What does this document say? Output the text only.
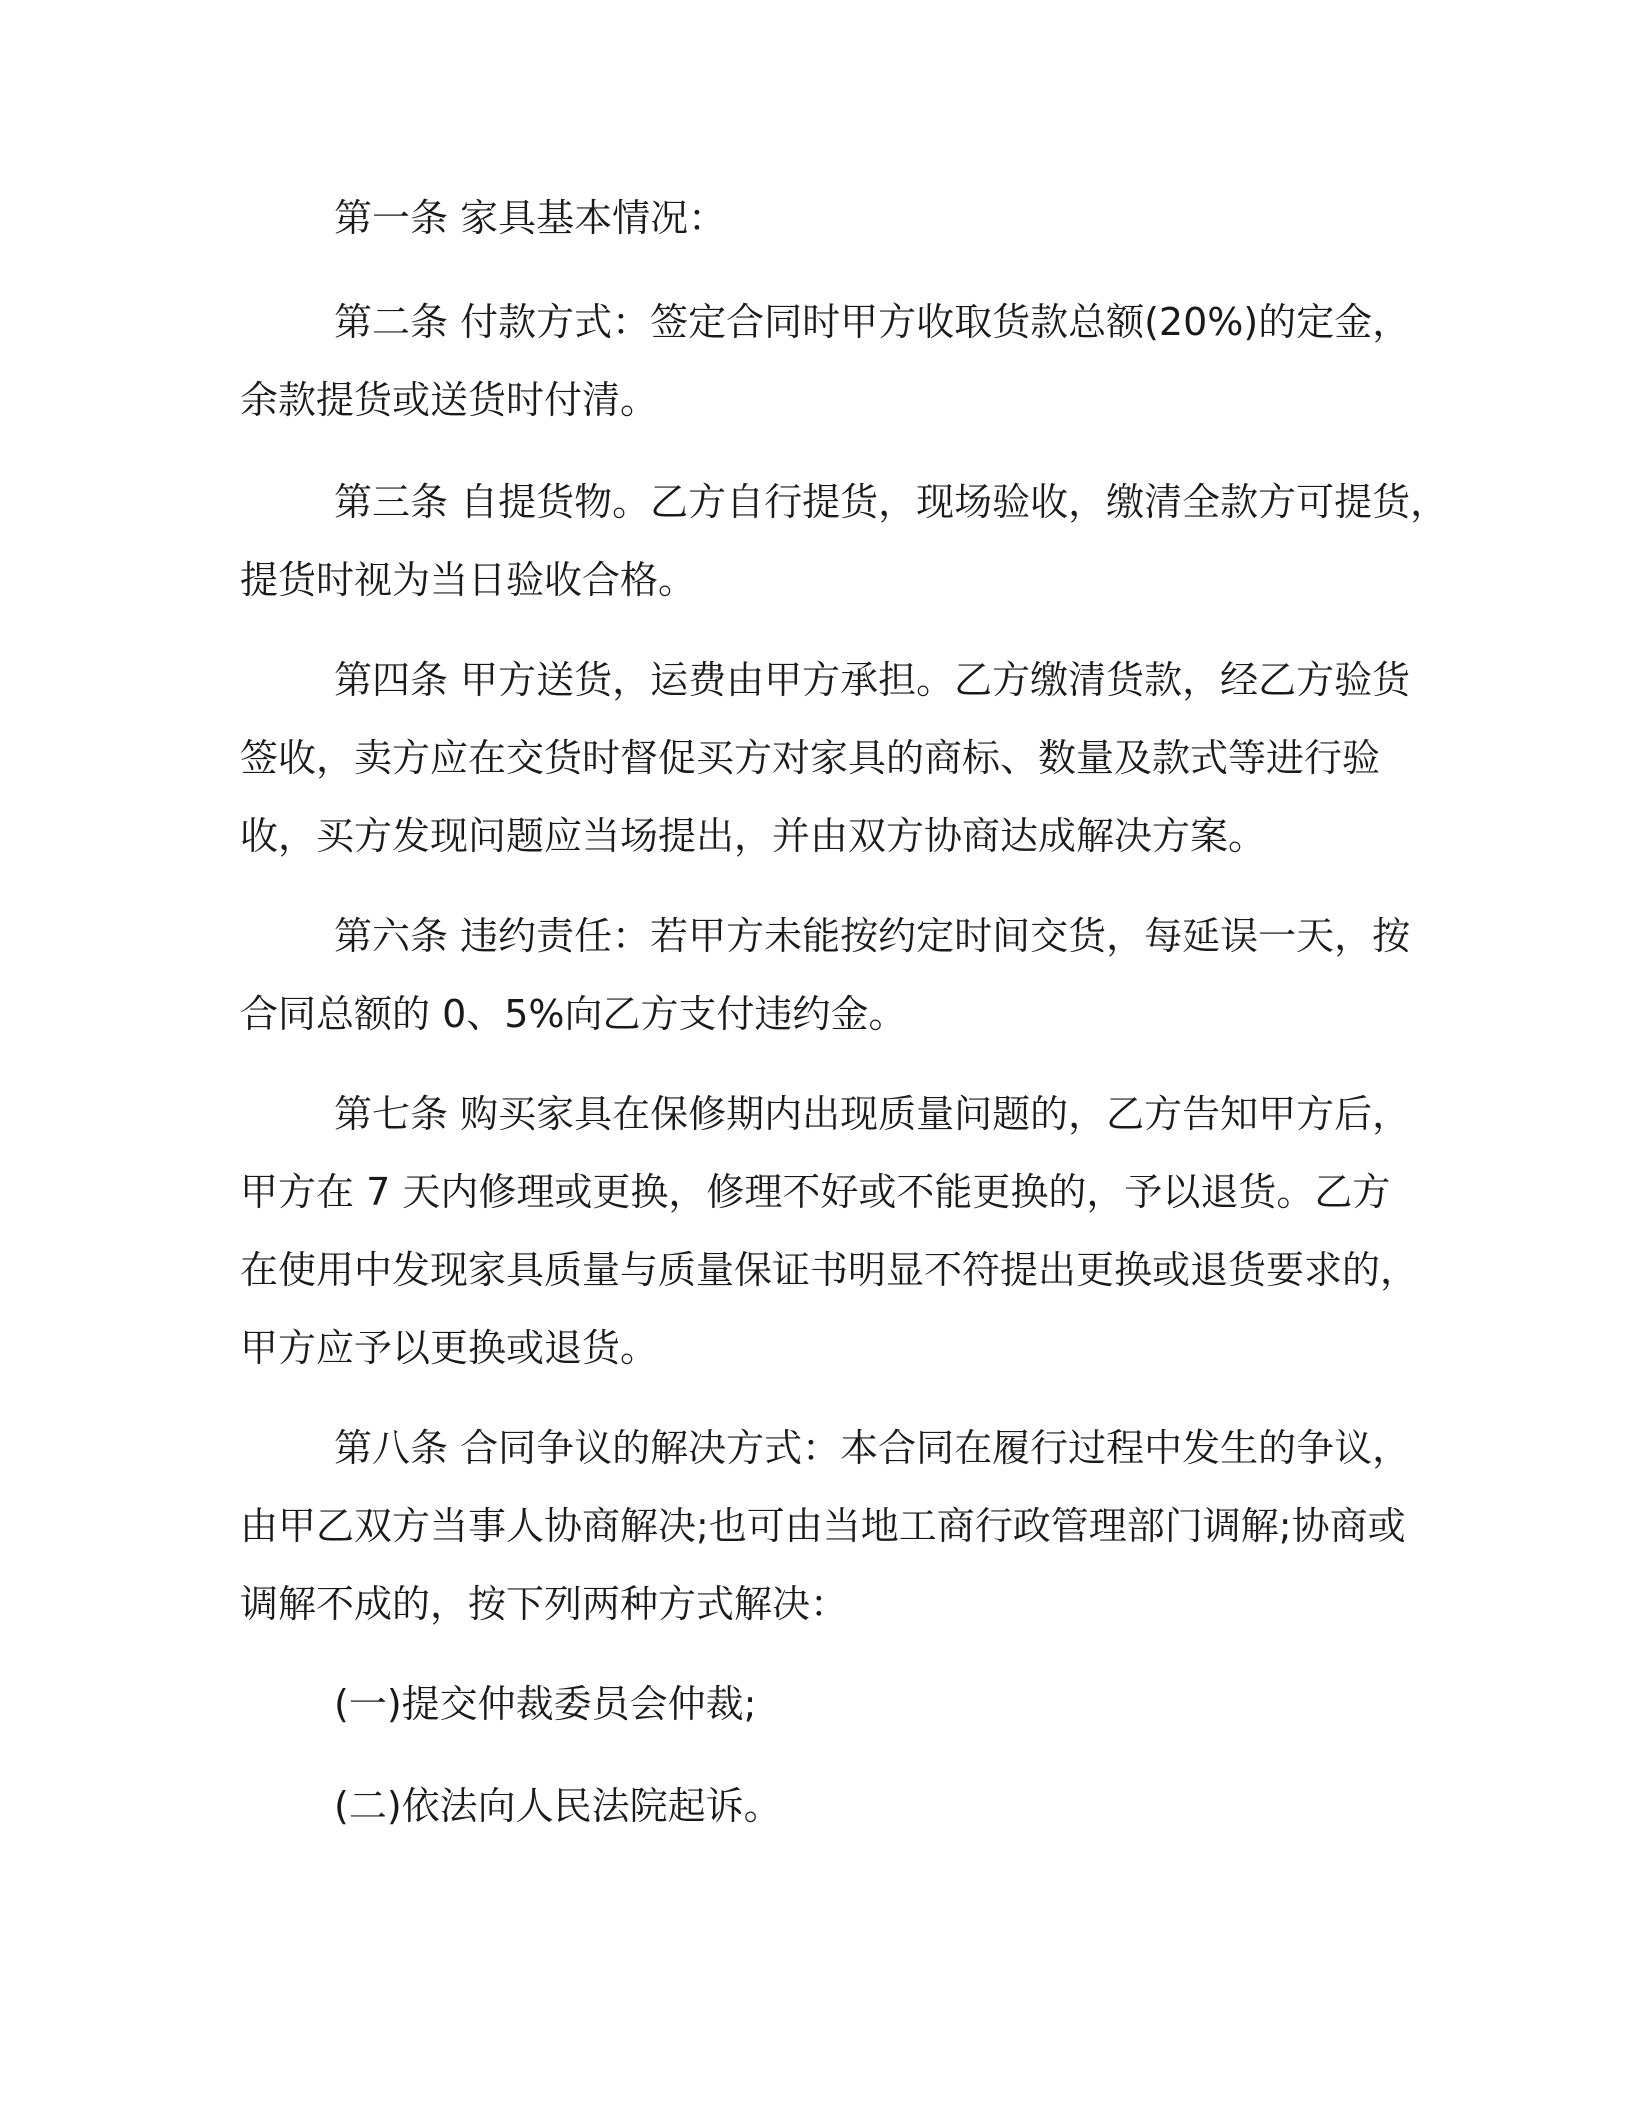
第一条 家具基本情况：
第二条 付款方式：签定合同时甲方收取货款总额(20%)的定金，
余款提货或送货时付清。
第三条 自提货物。乙方自行提货，现场验收，缴清全款方可提货，
提货时视为当日验收合格。
第四条 甲方送货，运费由甲方承担。乙方缴清货款，经乙方验货
签收，卖方应在交货时督促买方对家具的商标、数量及款式等进行验
收，买方发现问题应当场提出，并由双方协商达成解决方案。
第六条 违约责任：若甲方未能按约定时间交货，每延误一天，按
合同总额的 0、5%向乙方支付违约金。
第七条 购买家具在保修期内出现质量问题的，乙方告知甲方后，
甲方在 7 天内修理或更换，修理不好或不能更换的，予以退货。乙方
在使用中发现家具质量与质量保证书明显不符提出更换或退货要求的，
甲方应予以更换或退货。
第八条 合同争议的解决方式：本合同在履行过程中发生的争议，
由甲乙双方当事人协商解决;也可由当地工商行政管理部门调解;协商或
调解不成的，按下列两种方式解决：
(一)提交仲裁委员会仲裁;
(二)依法向人民法院起诉。
